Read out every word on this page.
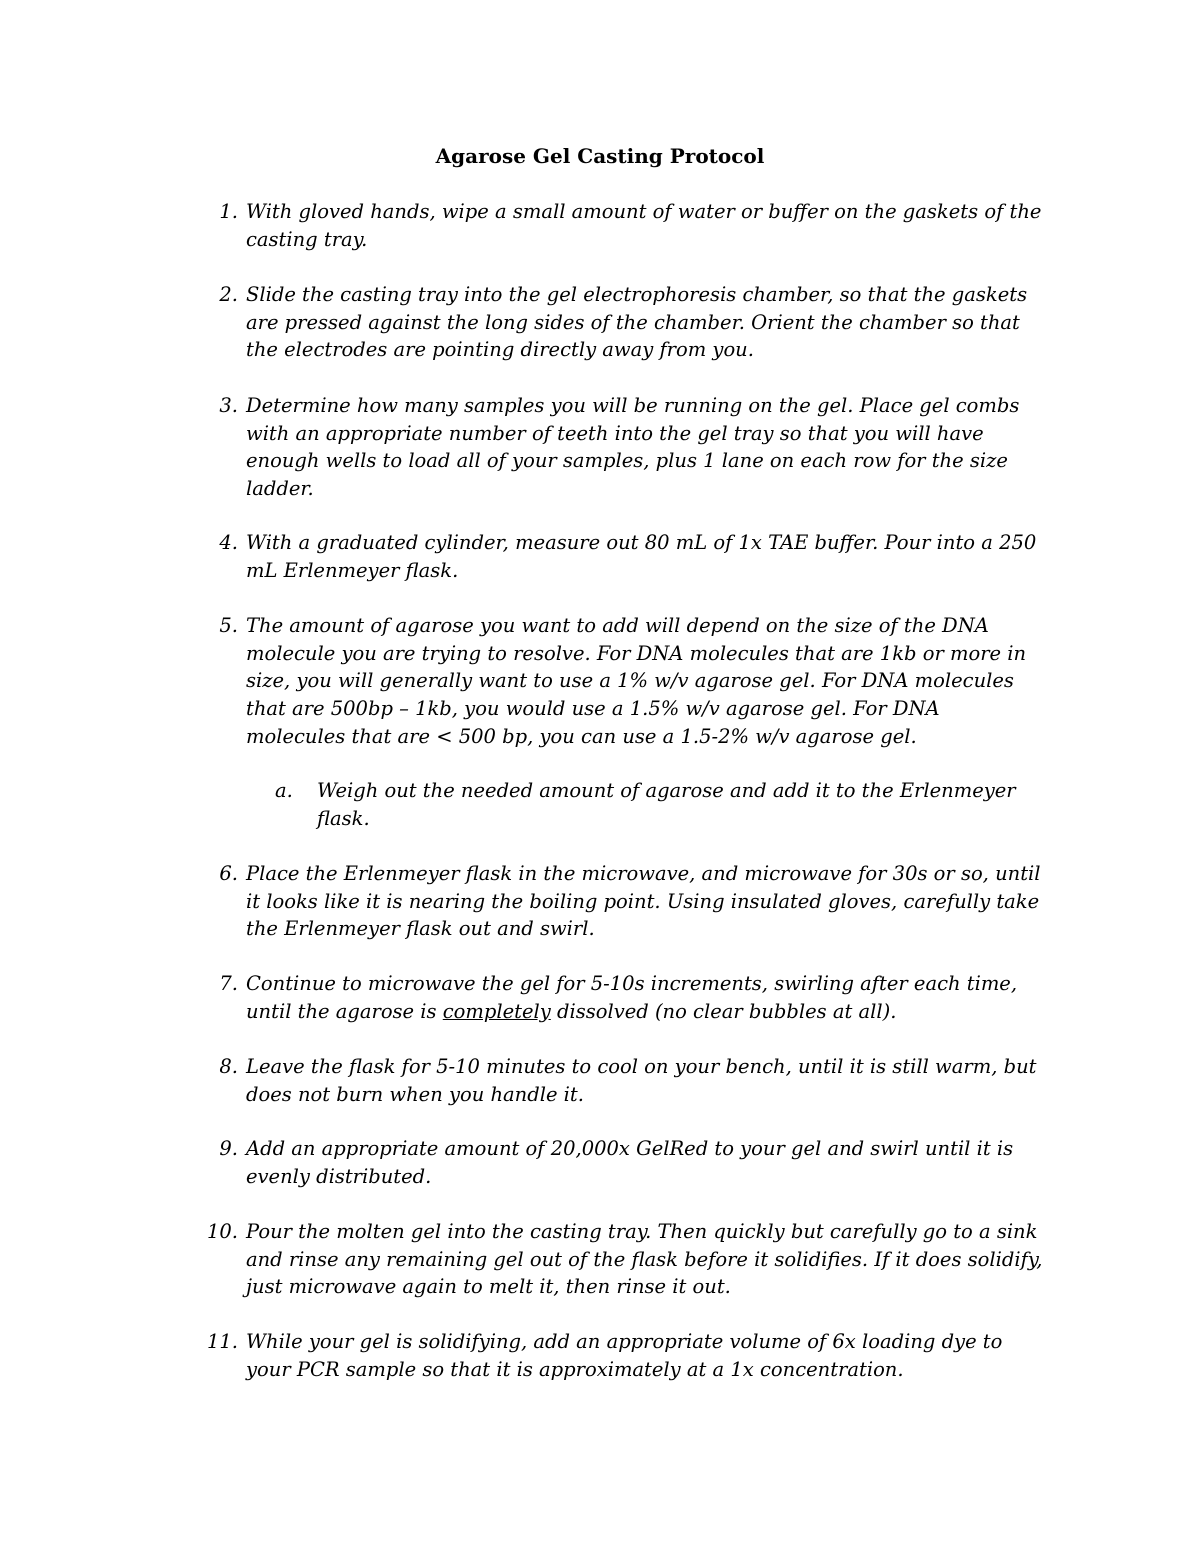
Agarose Gel Casting Protocol
1. With gloved hands, wipe a small amount of water or buffer on the gaskets of the
casting tray.
2. Slide the casting tray into the gel electrophoresis chamber, so that the gaskets
are pressed against the long sides of the chamber. Orient the chamber so that
the electrodes are pointing directly away from you.
3. Determine how many samples you will be running on the gel. Place gel combs
with an appropriate number of teeth into the gel tray so that you will have
enough wells to load all of your samples, plus 1 lane on each row for the size
ladder.
4. With a graduated cylinder, measure out 80 mL of 1x TAE buffer. Pour into a 250
mL Erlenmeyer flask.
5. The amount of agarose you want to add will depend on the size of the DNA
molecule you are trying to resolve. For DNA molecules that are 1kb or more in
size, you will generally want to use a 1% w/v agarose gel. For DNA molecules
that are 500bp – 1kb, you would use a 1.5% w/v agarose gel. For DNA
molecules that are < 500 bp, you can use a 1.5-2% w/v agarose gel.
a.	Weigh out the needed amount of agarose and add it to the Erlenmeyer flask.
6. Place the Erlenmeyer flask in the microwave, and microwave for 30s or so, until
it looks like it is nearing the boiling point. Using insulated gloves, carefully take
the Erlenmeyer flask out and swirl.
7. Continue to microwave the gel for 5-10s increments, swirling after each time,
until the agarose is completely dissolved (no clear bubbles at all).
8. Leave the flask for 5-10 minutes to cool on your bench, until it is still warm, but
does not burn when you handle it.
9. Add an appropriate amount of 20,000x GelRed to your gel and swirl until it is
evenly distributed.
10. Pour the molten gel into the casting tray. Then quickly but carefully go to a sink
and rinse any remaining gel out of the flask before it solidifies. If it does solidify,
just microwave again to melt it, then rinse it out.
11. While your gel is solidifying, add an appropriate volume of 6x loading dye to
your PCR sample so that it is approximately at a 1x concentration.
